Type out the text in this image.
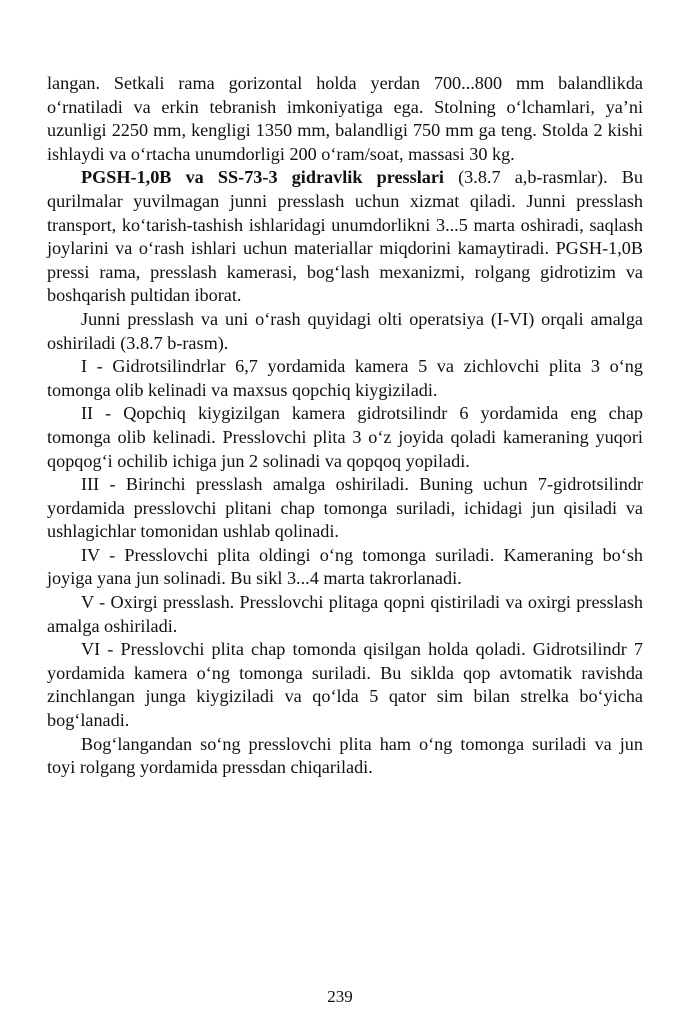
langan. Setkali rama gorizontal holda yerdan 700...800 mm balandlikda o‘rnatiladi va erkin tebranish imkoniyatiga ega. Stolning o‘lchamlari, ya’ni uzunligi 2250 mm, kengligi 1350 mm, balandligi 750 mm ga teng. Stolda 2 kishi ishlaydi va o‘rtacha unumdorligi 200 o‘ram/soat, massasi 30 kg.

PGSH-1,0B va SS-73-3 gidravlik presslari (3.8.7 a,b-rasmlar). Bu qurilmalar yuvilmagan junni presslash uchun xizmat qiladi. Junni presslash transport, ko‘tarish-tashish ishlaridagi unumdorlikni 3...5 marta oshiradi, saqlash joylarini va o‘rash ishlari uchun materiallar miqdorini kamaytiradi. PGSH-1,0B pressi rama, presslash kamerasi, bog‘lash mexanizmi, rolgang gidrotizim va boshqarish pultidan iborat.

Junni presslash va uni o‘rash quyidagi olti operatsiya (I-VI) orqali amalga oshiriladi (3.8.7 b-rasm).

I - Gidrotsilindrlar 6,7 yordamida kamera 5 va zichlovchi plita 3 o‘ng tomonga olib kelinadi va maxsus qopchiq kiygiziladi.

II - Qopchiq kiygizilgan kamera gidrotsilindr 6 yordamida eng chap tomonga olib kelinadi. Presslovchi plita 3 o‘z joyida qoladi kameraning yuqori qopqog‘i ochilib ichiga jun 2 solinadi va qopqoq yopiladi.

III - Birinchi presslash amalga oshiriladi. Buning uchun 7-gidrotsilindr yordamida presslovchi plitani chap tomonga suriladi, ichidagi jun qisiladi va ushlagichlar tomonidan ushlab qolinadi.

IV - Presslovchi plita oldingi o‘ng tomonga suriladi. Kameraning bo‘sh joyiga yana jun solinadi. Bu sikl 3...4 marta takrorlanadi.

V - Oxirgi presslash. Presslovchi plitaga qopni qistiriladi va oxirgi presslash amalga oshiriladi.

VI - Presslovchi plita chap tomonda qisilgan holda qoladi. Gidrotsilindr 7 yordamida kamera o‘ng tomonga suriladi. Bu siklda qop avtomatik ravishda zinchlangan junga kiygiziladi va qo‘lda 5 qator sim bilan strelka bo‘yicha bog‘lanadi.

Bog‘langandan so‘ng presslovchi plita ham o‘ng tomonga suriladi va jun toyi rolgang yordamida pressdan chiqariladi.

239
